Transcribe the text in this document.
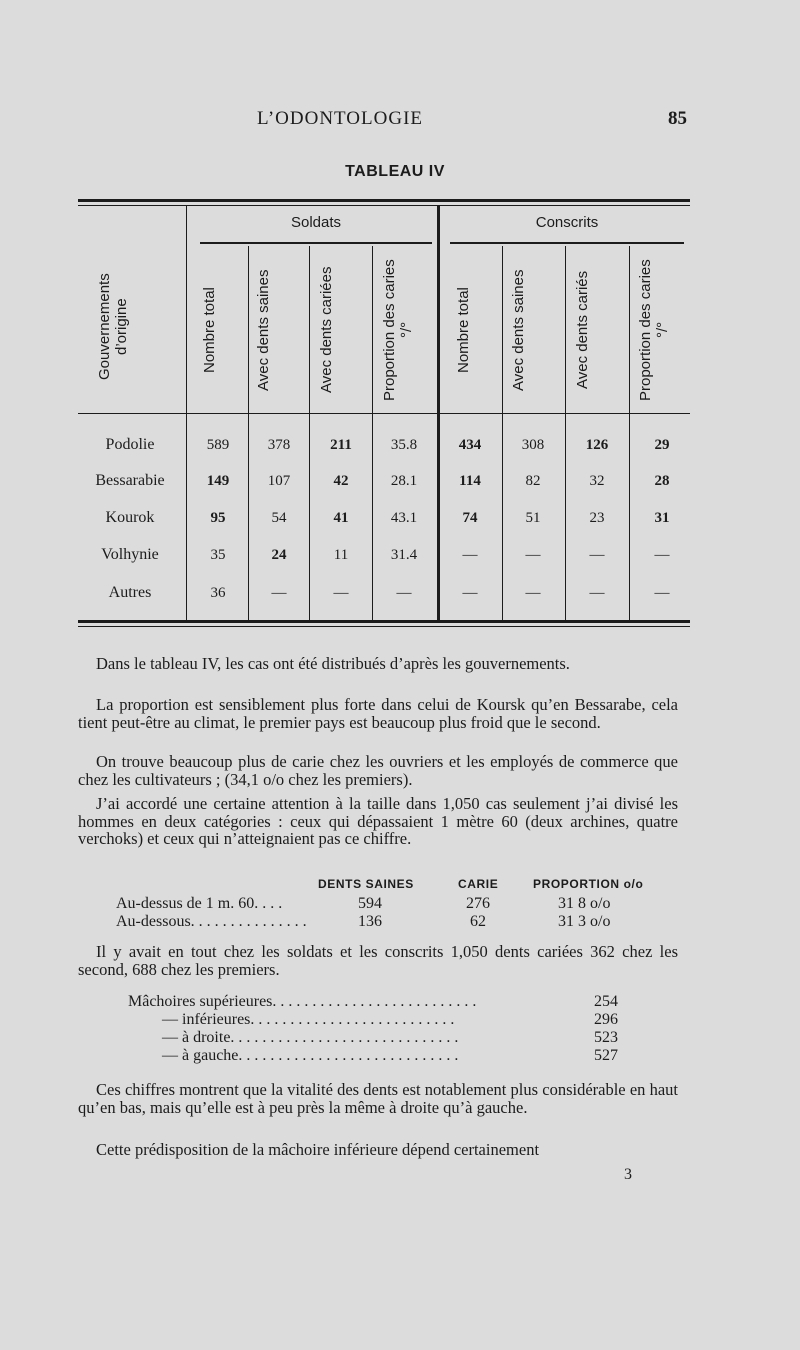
L’ODONTOLOGIE	85
TABLEAU IV
Soldats	Conscrits
Gouvernements d’origine	Nombre total	Avec dents saines	Avec dents cariées	Proportion des caries °/°	Nombre total	Avec dents saines	Avec dents cariés	Proportion des caries °/°
Podolie	589	378	211	35.8	434	308	126	29
Bessarabie	149	107	42	28.1	114	82	32	28
Kourok	95	54	41	43.1	74	51	23	31
Volhynie	35	24	11	31.4	—	—	—	—
Autres	36	—	—	—	—	—	—	—
Dans le tableau IV, les cas ont été distribués d’après les gouvernements.
La proportion est sensiblement plus forte dans celui de Koursk qu’en Bessarabe, cela tient peut-être au climat, le premier pays est beaucoup plus froid que le second.
On trouve beaucoup plus de carie chez les ouvriers et les employés de commerce que chez les cultivateurs ; (34,1 o/o chez les premiers).
J’ai accordé une certaine attention à la taille dans 1,050 cas seulement j’ai divisé les hommes en deux catégories : ceux qui dépassaient 1 mètre 60 (deux archines, quatre verchoks) et ceux qui n’atteignaient pas ce chiffre.
DENTS SAINES	CARIE	PROPORTION o/o
Au-dessus de 1 m. 60. . . .	594	276	31 8 o/o
Au-dessous. . . . . . . . . . . . . . .	136	62	31 3 o/o
Il y avait en tout chez les soldats et les conscrits 1,050 dents cariées 362 chez les second, 688 chez les premiers.
Mâchoires supérieures. . . . . . . . . . . . . . . . . . . . . . . . . .	254
— inférieures. . . . . . . . . . . . . . . . . . . . . . . . . .	296
— à droite. . . . . . . . . . . . . . . . . . . . . . . . . . . . .	523
— à gauche. . . . . . . . . . . . . . . . . . . . . . . . . . . .	527
Ces chiffres montrent que la vitalité des dents est notablement plus considérable en haut qu’en bas, mais qu’elle est à peu près la même à droite qu’à gauche.
Cette prédisposition de la mâchoire inférieure dépend certainement
3
